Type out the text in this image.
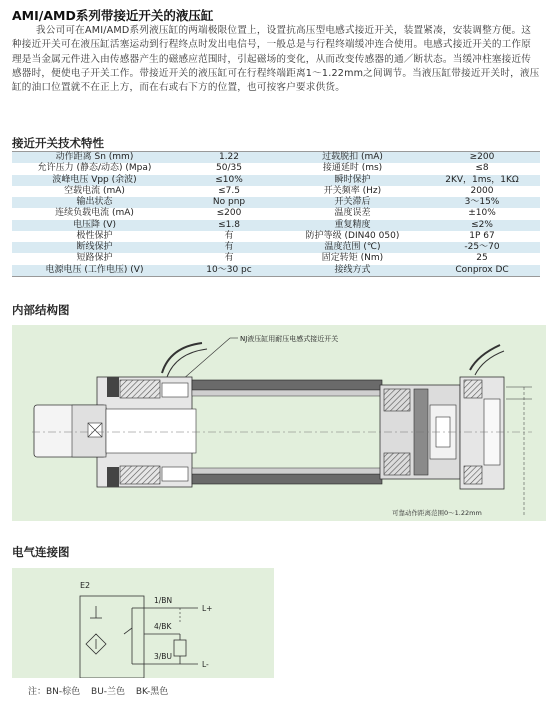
AMI/AMD系列带接近开关的液压缸
我公司可在AMI/AMD系列液压缸的两端极限位置上，设置抗高压型电感式接近开关，装置紧凑，安装调整方便。这种接近开关可在液压缸活塞运动到行程终点时发出电信号，一般总是与行程终端缓冲连合使用。电感式接近开关的工作原理是当金属元件进入由传感器产生的磁感应范围时，引起磁场的变化，从而改变传感器的通／断状态。当缓冲柱塞接近传感器时，便使电子开关工作。带接近开关的液压缸可在行程终端距离1～1.22mm之间调节。当液压缸带接近开关时，液压缸的油口位置就不在正上方，而在右或右下方的位置，也可按客户要求供货。
接近开关技术特性
动作距离 Sn (mm)	1.22	过载脱扣 (mA)	≥200
允许压力 (静态/动态) (Mpa)	50/35	接通延时 (ms)	≤8
波峰电压 Vpp (余波)	≤10%	瞬时保护	2KV，1ms，1KΩ
空载电流 (mA)	≤7.5	开关频率 (Hz)	2000
输出状态	No pnp	开关滞后	3～15%
连续负载电流 (mA)	≤200	温度误差	±10%
电压降 (V)	≤1.8	重复精度	≤2%
极性保护	有	防护等级 (DIN40 050)	1P 67
断线保护	有	温度范围 (℃)	-25～70
短路保护	有	固定转矩 (Nm)	25
电源电压 (工作电压) (V)	10～30 pc	接线方式	Conprox DC
内部结构图
NJ液压缸用耐压电感式接近开关
可靠动作距离范围0～1.22mm
电气连接图
E2
1/BN
4/BK
3/BU
L+
L-
注：BN-棕色 BU-兰色 BK-黑色
